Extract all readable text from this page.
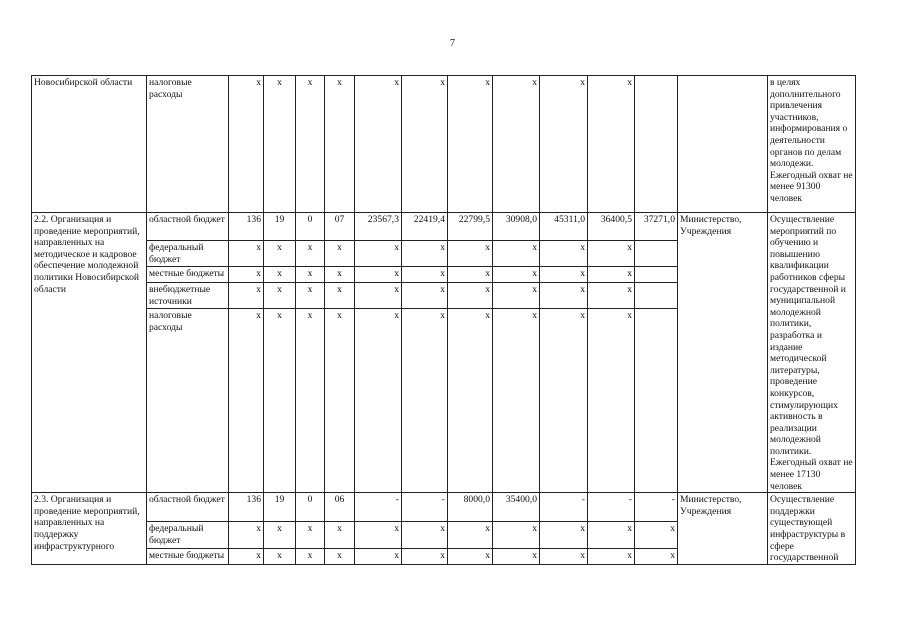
7
Новосибирской области	налоговые расходы	x	x	x	x	x	x	x	x	x	x			в целях дополнительного привлечения участников, информирования о деятельности органов по делам молодежи. Ежегодный охват не менее 91300 человек
2.2. Организация и проведение мероприятий, направленных на методическое и кадровое обеспечение молодежной политики Новосибирской области	областной бюджет	136	19	0	07	23567,3	22419,4	22799,5	30908,0	45311,0	36400,5	37271,0	Министерство, Учреждения	Осуществление мероприятий по обучению и повышению квалификации работников сферы государственной и муниципальной молодежной политики, разработка и издание методической литературы, проведение конкурсов, стимулирующих активность в реализации молодежной политики. Ежегодный охват не менее 17130 человек
	федеральный бюджет	x	x	x	x	x	x	x	x	x	x			
	местные бюджеты	x	x	x	x	x	x	x	x	x	x			
	внебюджетные источники	x	x	x	x	x	x	x	x	x	x			
	налоговые расходы	x	x	x	x	x	x	x	x	x	x			
2.3. Организация и проведение мероприятий, направленных на поддержку инфраструктурного	областной бюджет	136	19	0	06	-	-	8000,0	35400,0	-	-	-	Министерство, Учреждения	Осуществление поддержки существующей инфраструктуры в сфере государственной
	федеральный бюджет	x	x	x	x	x	x	x	x	x	x	x		
	местные бюджеты	x	x	x	x	x	x	x	x	x	x	x		
